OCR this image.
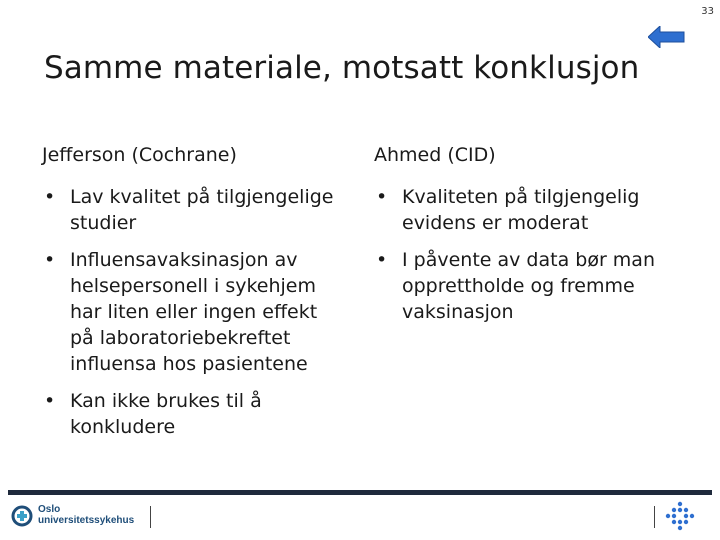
33
Samme materiale, motsatt konklusjon
Jefferson (Cochrane)
• Lav kvalitet på tilgjengelige studier
• Influensavaksinasjon av helsepersonell i sykehjem har liten eller ingen effekt på laboratoriebekreftet influensa hos pasientene
• Kan ikke brukes til å konkludere
Ahmed (CID)
• Kvaliteten på tilgjengelig evidens er moderat
• I påvente av data bør man opprettholde og fremme vaksinasjon
Oslo
universitetssykehus
